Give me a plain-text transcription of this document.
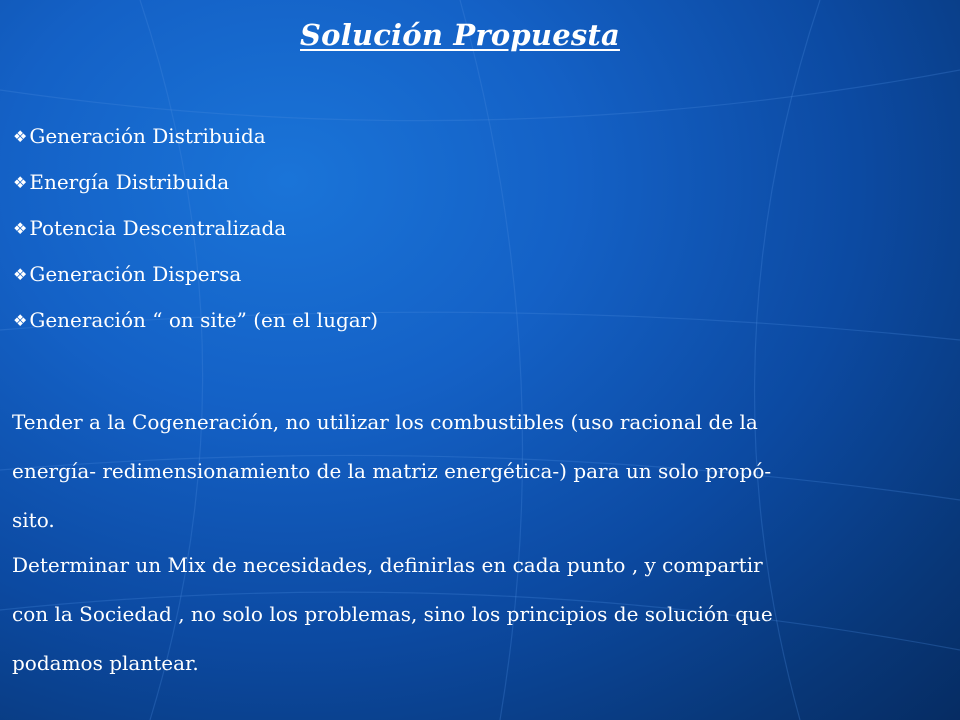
Solución Propuesta
❖ Generación Distribuida
❖ Energía Distribuida
❖ Potencia Descentralizada
❖ Generación Dispersa
❖ Generación “ on site” (en el lugar)
Tender a la Cogeneración, no utilizar los combustibles (uso racional de la
energía- redimensionamiento de la matriz energética-) para un solo propó-
sito.
Determinar un Mix de necesidades, definirlas en cada punto , y compartir
con la Sociedad , no solo los problemas, sino los principios de solución que
podamos plantear.
